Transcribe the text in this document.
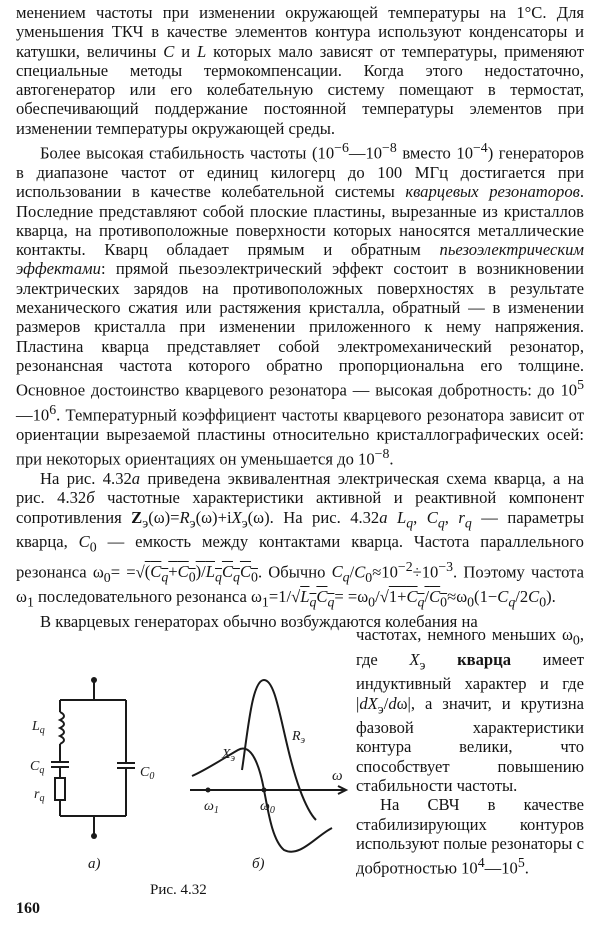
менением частоты при изменении окружающей температуры на 1°С. Для уменьшения ТКЧ в качестве элементов контура используют конденсаторы и катушки, величины C и L которых мало зависят от температуры, применяют специальные методы термокомпенсации. Когда этого недостаточно, автогенератор или его колебательную систему помещают в термостат, обеспечивающий поддержание постоянной температуры элементов при изменении температуры окружающей среды.

Более высокая стабильность частоты ($10^{-6}—10^{-8}$ вместо $10^{-4}$) генераторов в диапазоне частот от единиц килогерц до 100 МГц достигается при использовании в качестве колебательной системы кварцевых резонаторов. Последние представляют собой плоские пластины, вырезанные из кристаллов кварца, на противоположные поверхности которых наносятся металлические контакты. Кварц обладает прямым и обратным пьезоэлектрическим эффектами: прямой пьезоэлектрический эффект состоит в возникновении электрических зарядов на противоположных поверхностях в результате механического сжатия или растяжения кристалла, обратный — в изменении размеров кристалла при изменении приложенного к нему напряжения. Пластина кварца представляет собой электромеханический резонатор, резонансная частота которого обратно пропорциональна его толщине. Основное достоинство кварцевого резонатора — высокая добротность: до $10^5—10^6$. Температурный коэффициент частоты кварцевого резонатора зависит от ориентации вырезаемой пластины относительно кристаллографических осей: при некоторых ориентациях он уменьшается до $10^{-8}$.

На рис. 4.32а приведена эквивалентная электрическая схема кварца, а на рис. 4.32б частотные характеристики активной и реактивной компонент сопротивления $Z_э(\omega)=R_э(\omega)+iX_э(\omega)$. На рис. 4.32а $L_q$, $C_q$, $r_q$ — параметры кварца, $C_0$ — емкость между контактами кварца. Частота параллельного резонанса $\omega_0= =√(C_q+C_0)/L_qC_qC_0$. Обычно $C_q/C_0\approx 10^{-2}\div 10^{-3}$. Поэтому частота $\omega_1$ последовательного резонанса $\omega_1=1/√L_qC_q= =\omega_0/√1+C_q/C_0\approx\omega_0(1-C_q/2C_0)$.

В кварцевых генераторах обычно возбуждаются колебания на

частотах, немного меньших $\omega_0$, где $X_э$ кварца имеет индуктивный характер и где $|dX_э/d\omega|$, а значит, и крутизна фазовой характеристики контура велики, что способствует повышению стабильности частоты.

На СВЧ в качестве стабилизирующих контуров используют полые резонаторы с добротностью $10^4—10^5$.

$L_q$
$C_q$
$r_q$
$C_0$
а)
$R_э$
$X_э$
ω
$\omega_1$	$\omega_0$
б)
Рис. 4.32
160
